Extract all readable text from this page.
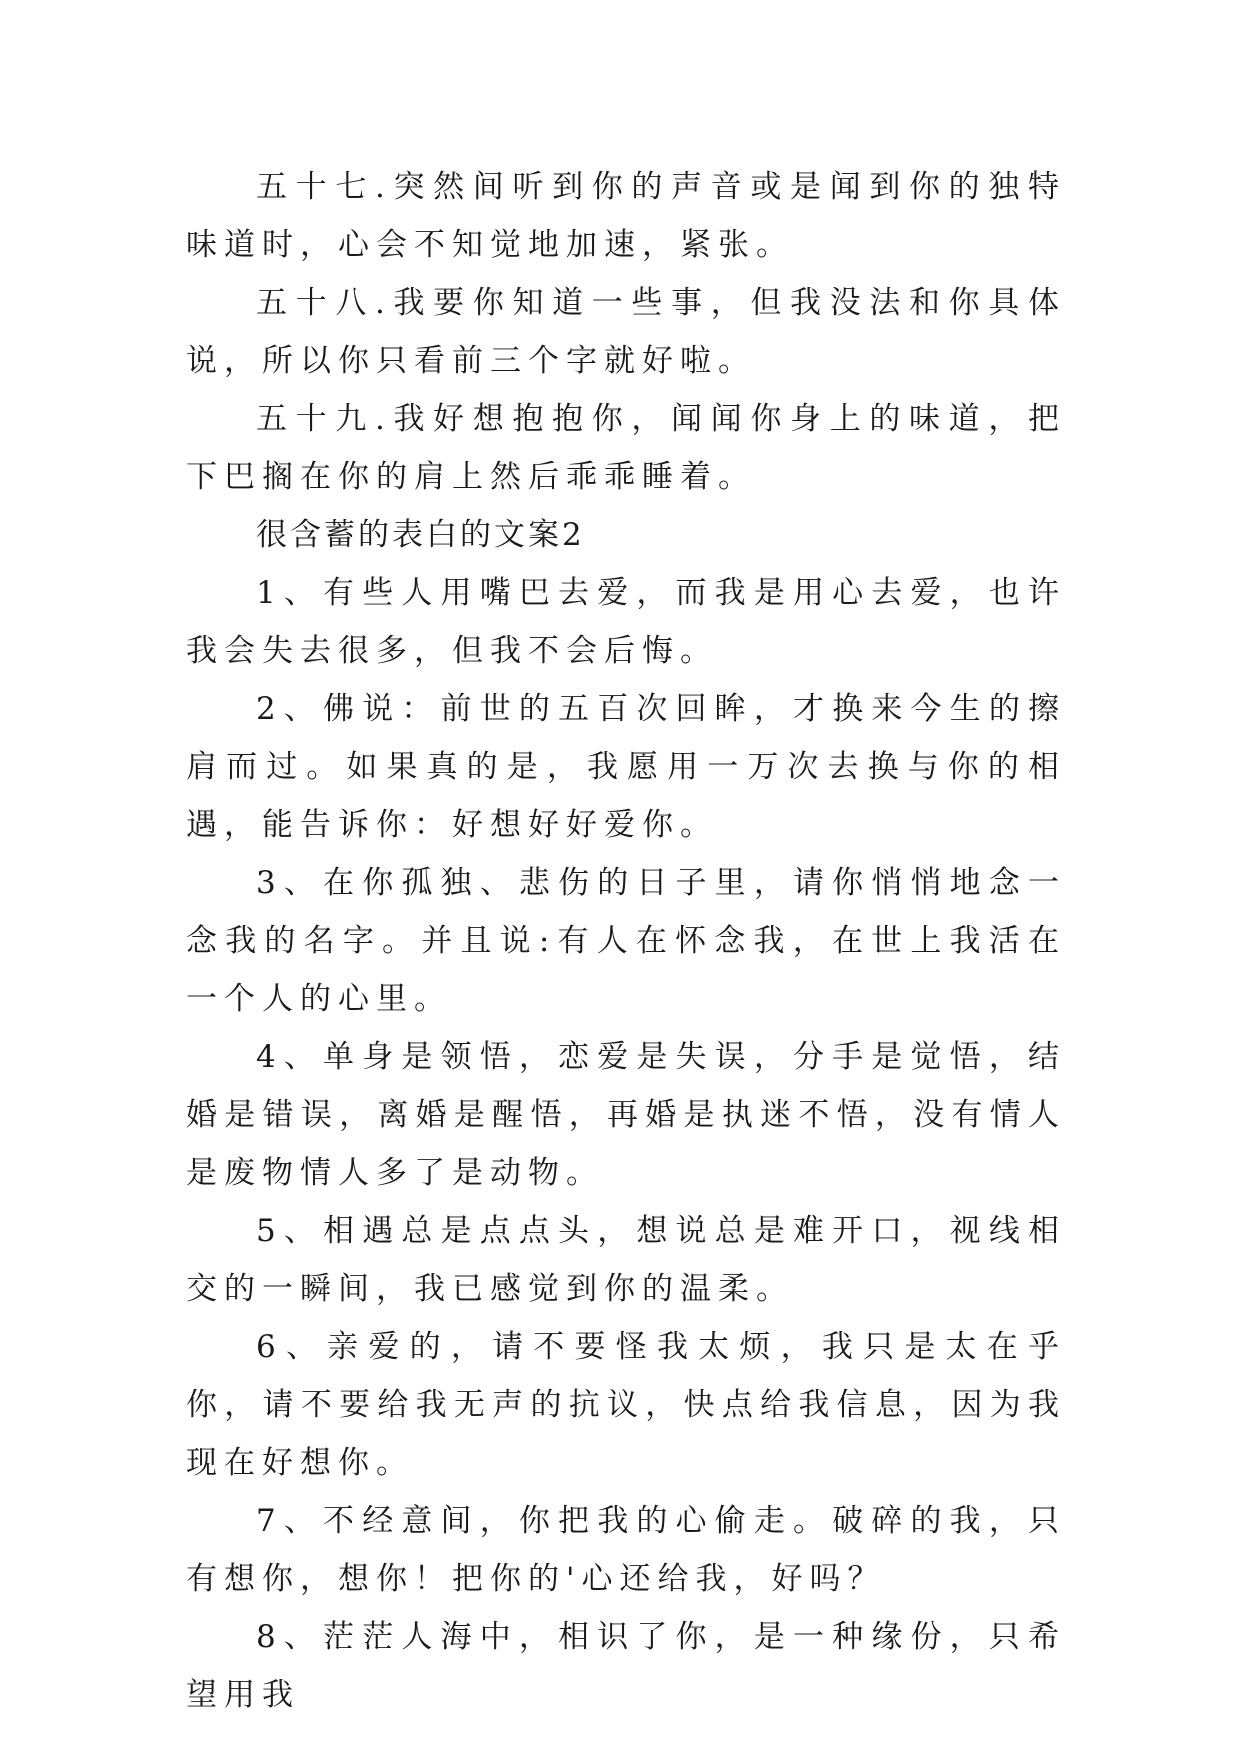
五十七.突然间听到你的声音或是闻到你的独特味道时，心会不知觉地加速，紧张。

五十八.我要你知道一些事，但我没法和你具体说，所以你只看前三个字就好啦。

五十九.我好想抱抱你，闻闻你身上的味道，把下巴搁在你的肩上然后乖乖睡着。

很含蓄的表白的文案2

1、有些人用嘴巴去爱，而我是用心去爱，也许我会失去很多，但我不会后悔。

2、佛说：前世的五百次回眸，才换来今生的擦肩而过。如果真的是，我愿用一万次去换与你的相遇，能告诉你：好想好好爱你。

3、在你孤独、悲伤的日子里，请你悄悄地念一念我的名字。并且说:有人在怀念我，在世上我活在一个人的心里。

4、单身是领悟，恋爱是失误，分手是觉悟，结婚是错误，离婚是醒悟，再婚是执迷不悟，没有情人是废物情人多了是动物。

5、相遇总是点点头，想说总是难开口，视线相交的一瞬间，我已感觉到你的温柔。

6、亲爱的，请不要怪我太烦，我只是太在乎你，请不要给我无声的抗议，快点给我信息，因为我现在好想你。

7、不经意间，你把我的心偷走。破碎的我，只有想你，想你！把你的'心还给我，好吗？

8、茫茫人海中，相识了你，是一种缘份，只希望用我
